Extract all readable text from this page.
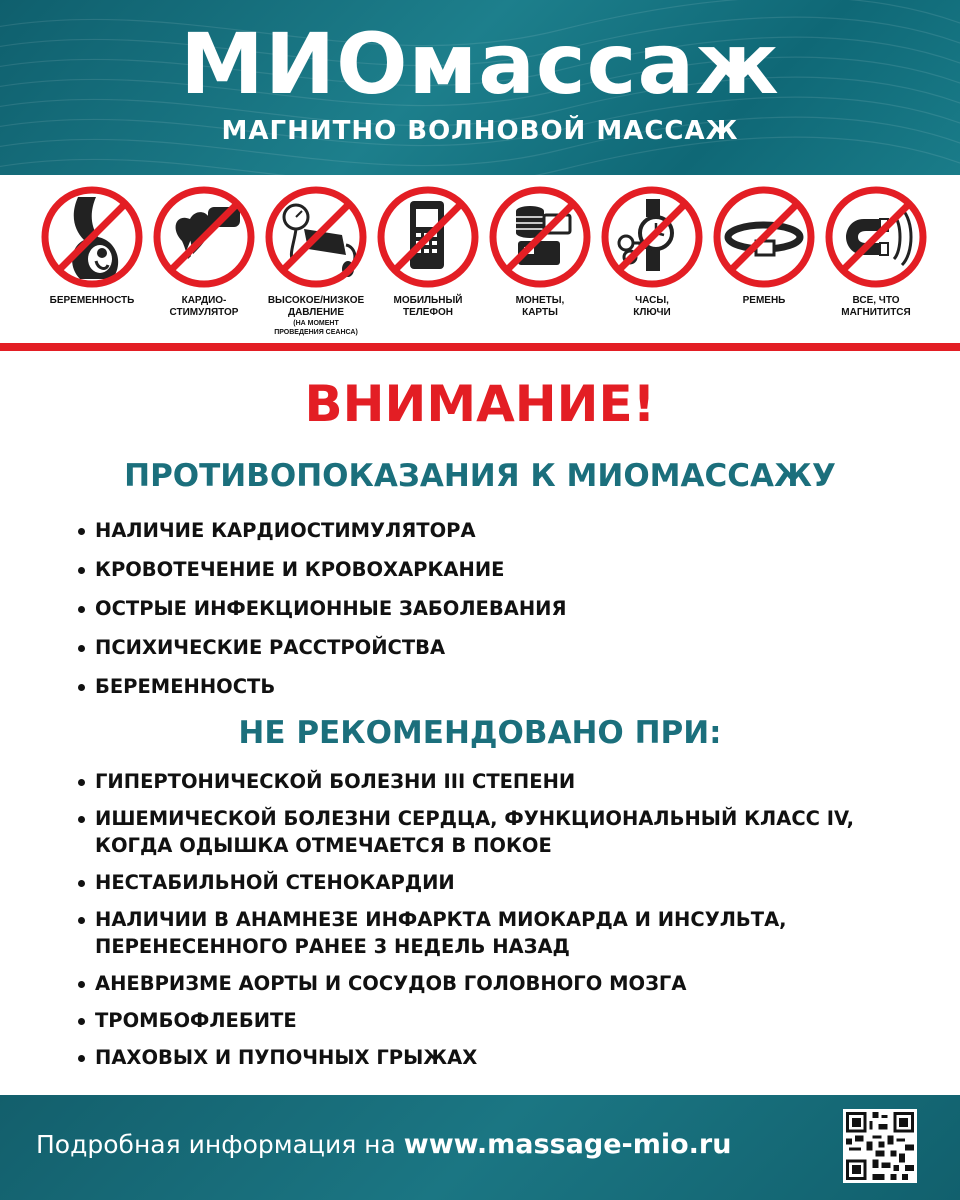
МИОмассаж
МАГНИТНО ВОЛНОВОЙ МАССАЖ
БЕРЕМЕННОСТЬ	КАРДИО-
СТИМУЛЯТОР
ВЫСОКОЕ/НИЗКОЕ
ДАВЛЕНИЕ
(НА МОМЕНТ
ПРОВЕДЕНИЯ СЕАНСА)
МОБИЛЬНЫЙ
ТЕЛЕФОН
МОНЕТЫ,
КАРТЫ
ЧАСЫ,
КЛЮЧИ
РЕМЕНЬ	ВСЕ, ЧТО
МАГНИТИТСЯ
ВНИМАНИЕ!
ПРОТИВОПОКАЗАНИЯ К МИОМАССАЖУ
НАЛИЧИЕ КАРДИОСТИМУЛЯТОРА
КРОВОТЕЧЕНИЕ И КРОВОХАРКАНИЕ
ОСТРЫЕ ИНФЕКЦИОННЫЕ ЗАБОЛЕВАНИЯ
ПСИХИЧЕСКИЕ РАССТРОЙСТВА
БЕРЕМЕННОСТЬ
НЕ РЕКОМЕНДОВАНО ПРИ:
ГИПЕРТОНИЧЕСКОЙ БОЛЕЗНИ III СТЕПЕНИ
ИШЕМИЧЕСКОЙ БОЛЕЗНИ СЕРДЦА, ФУНКЦИОНАЛЬНЫЙ КЛАСС IV,
КОГДА ОДЫШКА ОТМЕЧАЕТСЯ В ПОКОЕ
НЕСТАБИЛЬНОЙ СТЕНОКАРДИИ
НАЛИЧИИ В АНАМНЕЗЕ ИНФАРКТА МИОКАРДА И ИНСУЛЬТА,
ПЕРЕНЕСЕННОГО РАНЕЕ 3 НЕДЕЛЬ НАЗАД
АНЕВРИЗМЕ АОРТЫ И СОСУДОВ ГОЛОВНОГО МОЗГА
ТРОМБОФЛЕБИТЕ
ПАХОВЫХ И ПУПОЧНЫХ ГРЫЖАХ
Подробная информация на www.massage-mio.ru
